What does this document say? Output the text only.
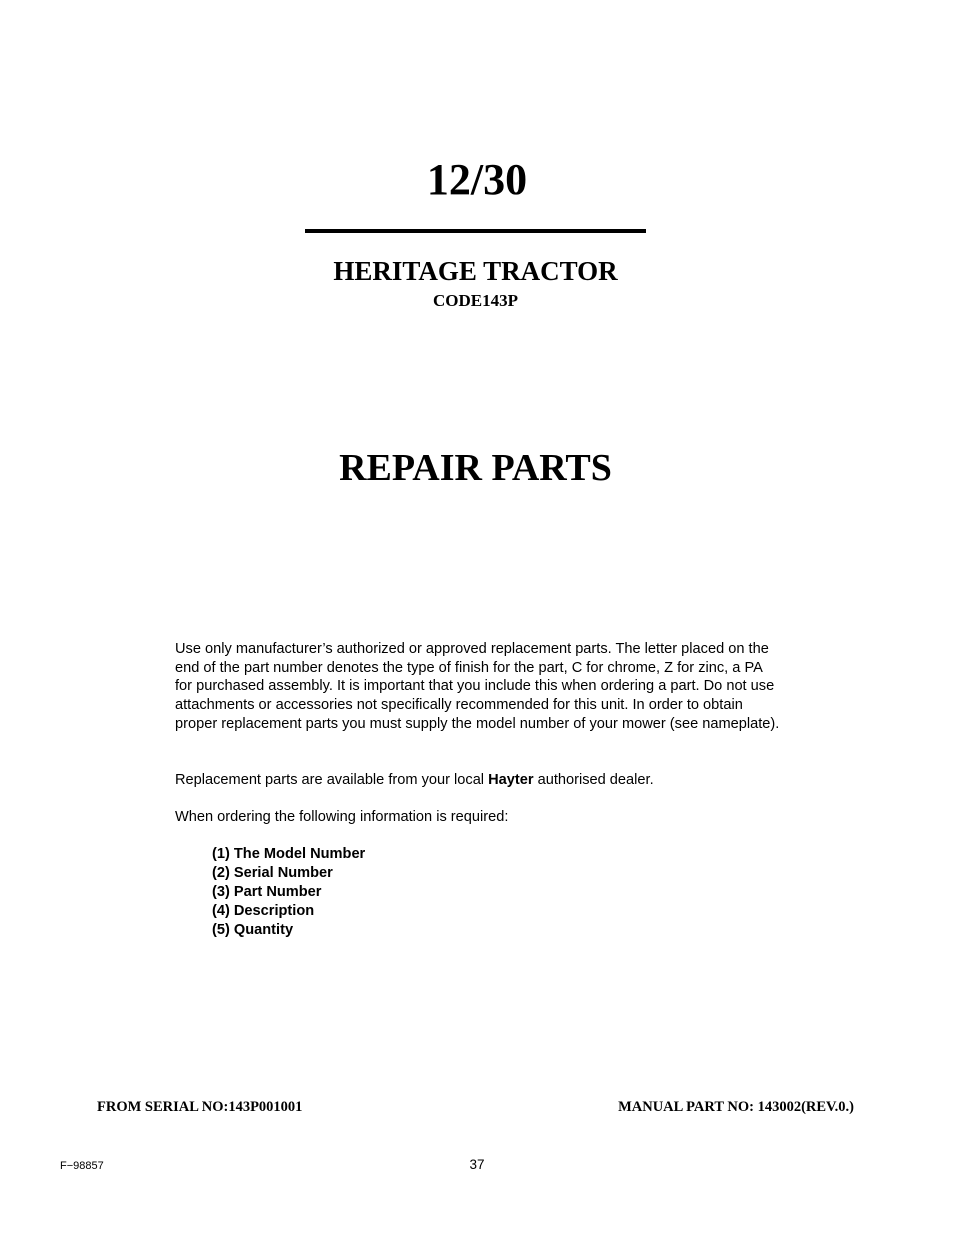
12/30
HERITAGE TRACTOR
CODE143P
REPAIR PARTS
Use only manufacturer’s authorized or approved replacement parts. The letter placed on the end of the part number denotes the type of finish for the part, C for chrome, Z for zinc, a PA for purchased assembly. It is important that you include this when ordering a part. Do not use attachments or accessories not specifically recommended for this unit. In order to obtain proper replacement parts you must supply the model number of your mower (see nameplate).
Replacement parts are available from your local Hayter authorised dealer.
When ordering the following information is required:
(1) The Model Number
(2) Serial Number
(3) Part Number
(4) Description
(5) Quantity
FROM SERIAL NO:143P001001	MANUAL PART NO: 143002(REV.0.)
F−98857	37
